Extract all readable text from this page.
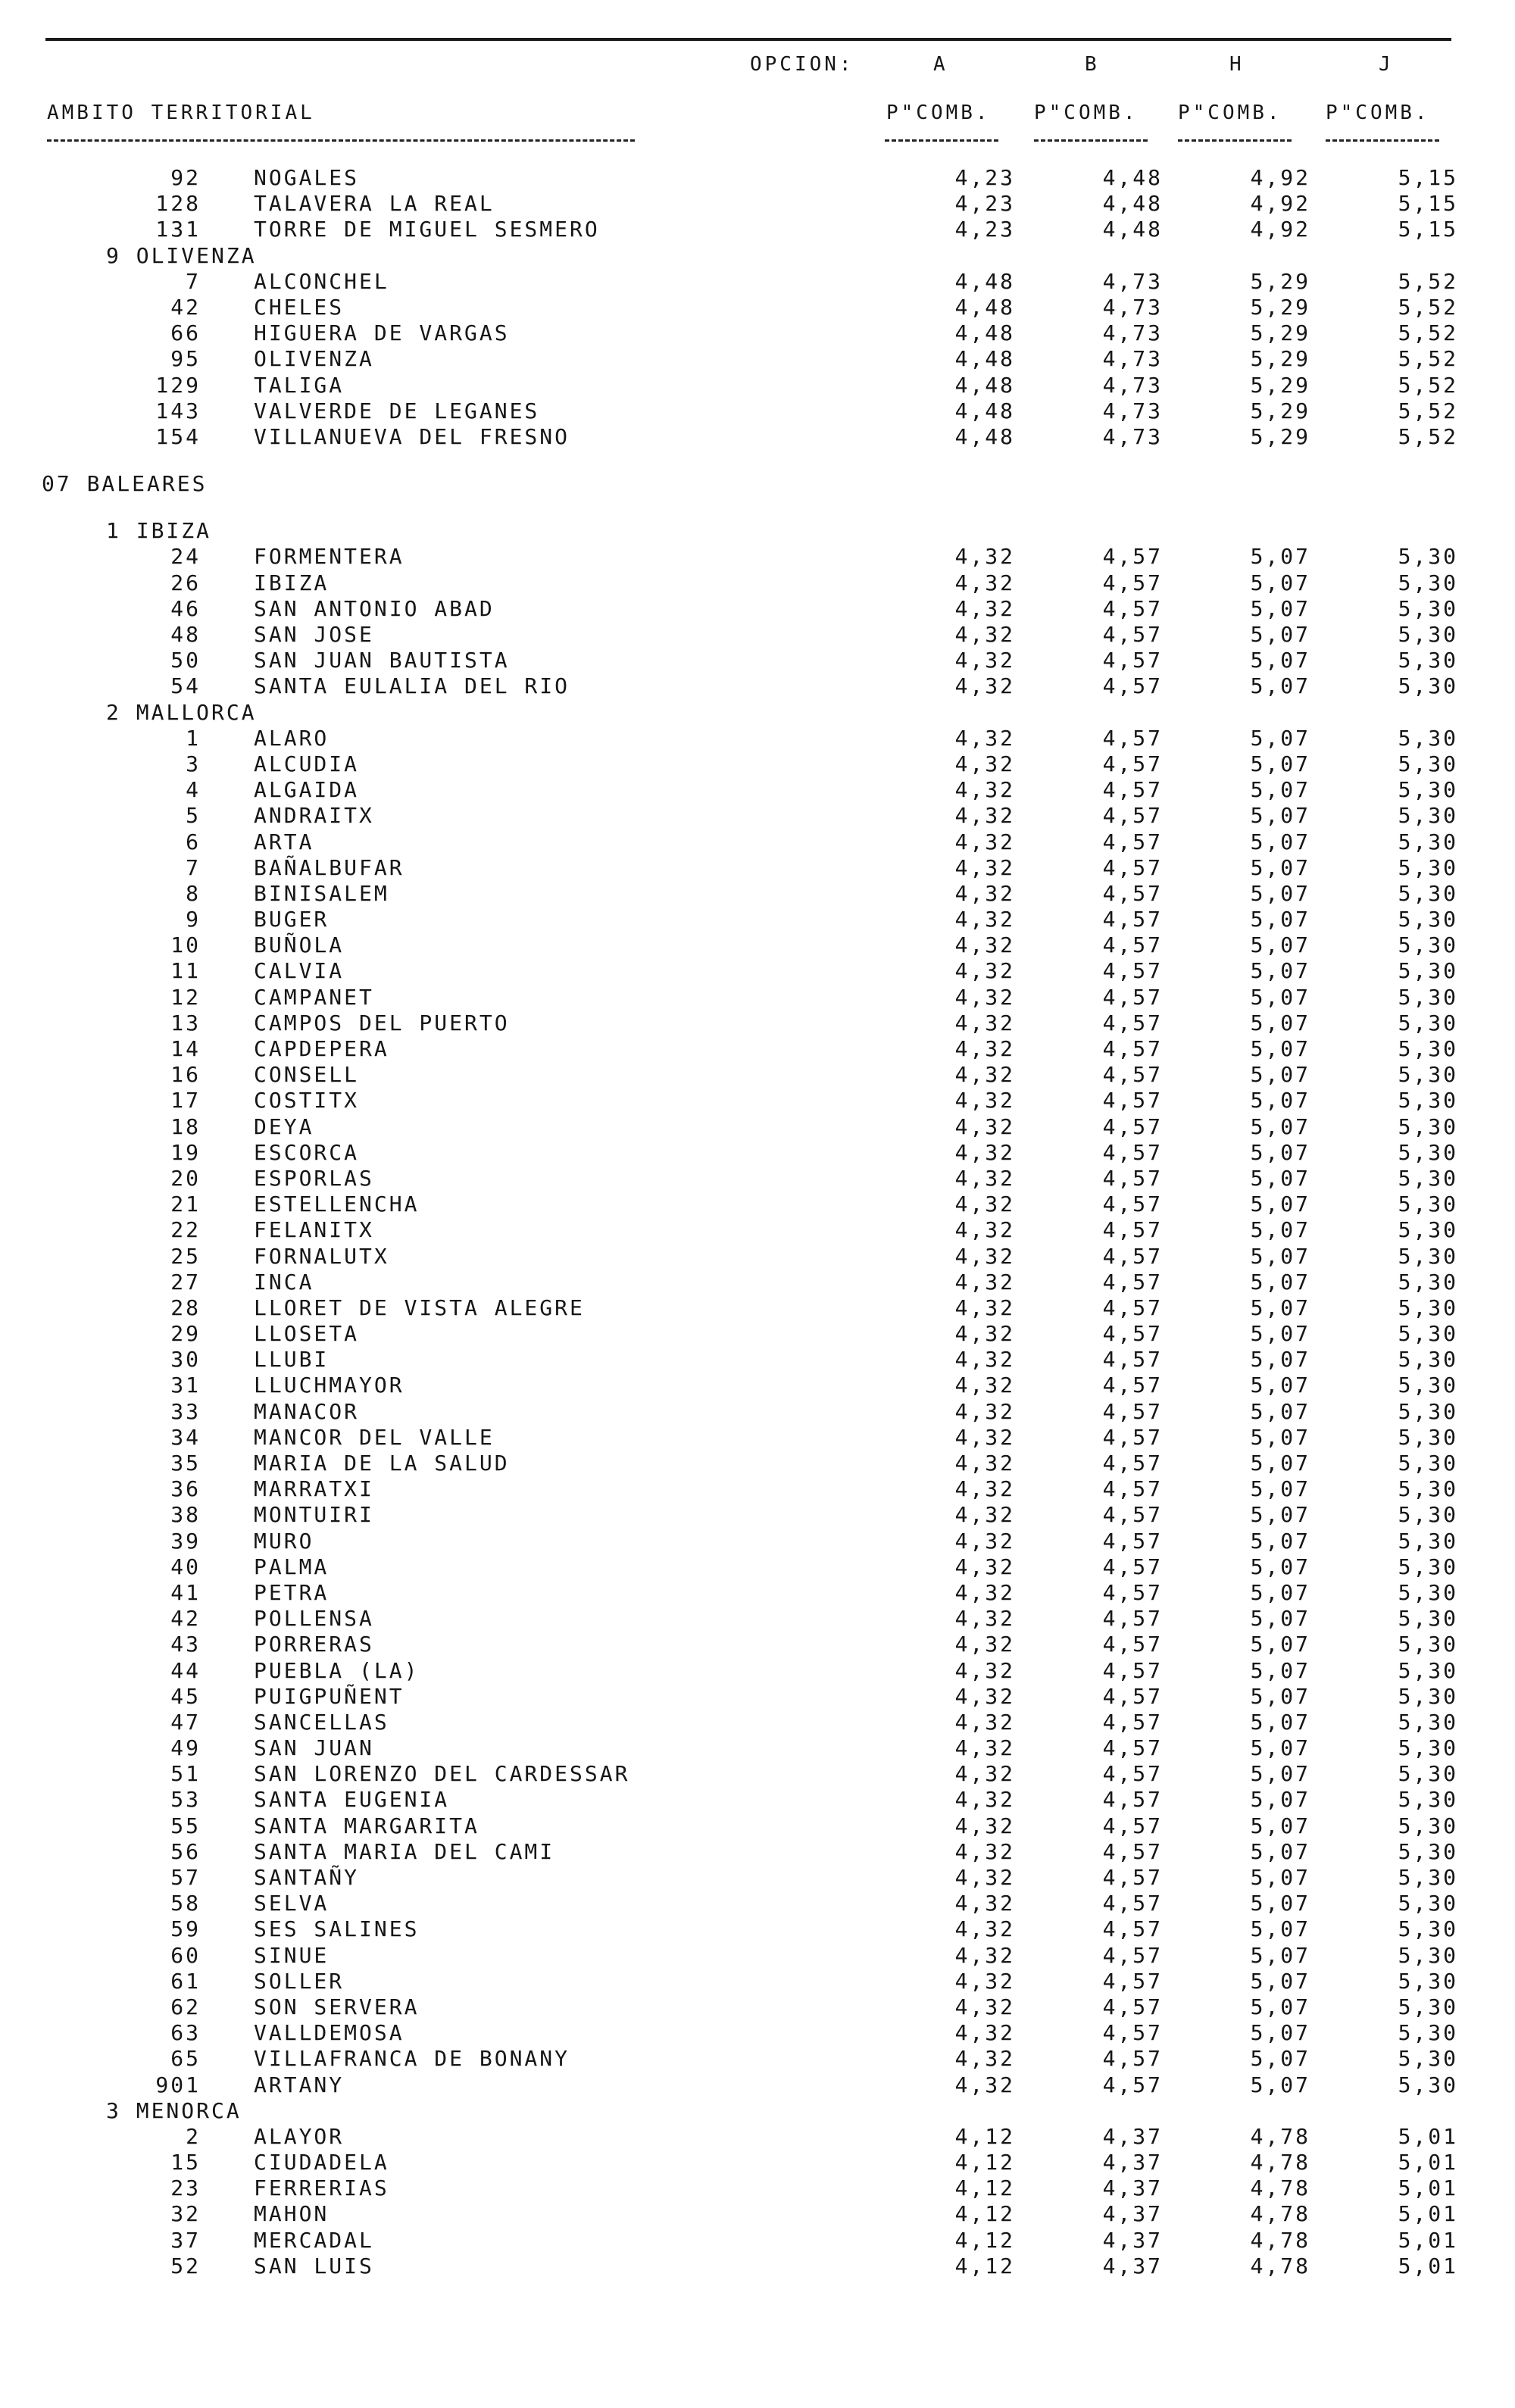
OPCION:	A	B	H	J
AMBITO TERRITORIAL	P"COMB. P"COMB. P"COMB. P"COMB.
92	NOGALES	4,23	4,48	4,92	5,15
128	TALAVERA LA REAL	4,23	4,48	4,92	5,15
131	TORRE DE MIGUEL SESMERO	4,23	4,48	4,92	5,15
9 OLIVENZA
7	ALCONCHEL	4,48	4,73	5,29	5,52
42	CHELES	4,48	4,73	5,29	5,52
66	HIGUERA DE VARGAS	4,48	4,73	5,29	5,52
95	OLIVENZA	4,48	4,73	5,29	5,52
129	TALIGA	4,48	4,73	5,29	5,52
143	VALVERDE DE LEGANES	4,48	4,73	5,29	5,52
154	VILLANUEVA DEL FRESNO	4,48	4,73	5,29	5,52
07 BALEARES
1 IBIZA
24	FORMENTERA	4,32	4,57	5,07	5,30
26	IBIZA	4,32	4,57	5,07	5,30
46	SAN ANTONIO ABAD	4,32	4,57	5,07	5,30
48	SAN JOSE	4,32	4,57	5,07	5,30
50	SAN JUAN BAUTISTA	4,32	4,57	5,07	5,30
54	SANTA EULALIA DEL RIO	4,32	4,57	5,07	5,30
2 MALLORCA
1	ALARO	4,32	4,57	5,07	5,30
3	ALCUDIA	4,32	4,57	5,07	5,30
4	ALGAIDA	4,32	4,57	5,07	5,30
5	ANDRAITX	4,32	4,57	5,07	5,30
6	ARTA	4,32	4,57	5,07	5,30
7	BAÑALBUFAR	4,32	4,57	5,07	5,30
8	BINISALEM	4,32	4,57	5,07	5,30
9	BUGER	4,32	4,57	5,07	5,30
10	BUÑOLA	4,32	4,57	5,07	5,30
11	CALVIA	4,32	4,57	5,07	5,30
12	CAMPANET	4,32	4,57	5,07	5,30
13	CAMPOS DEL PUERTO	4,32	4,57	5,07	5,30
14	CAPDEPERA	4,32	4,57	5,07	5,30
16	CONSELL	4,32	4,57	5,07	5,30
17	COSTITX	4,32	4,57	5,07	5,30
18	DEYA	4,32	4,57	5,07	5,30
19	ESCORCA	4,32	4,57	5,07	5,30
20	ESPORLAS	4,32	4,57	5,07	5,30
21	ESTELLENCHA	4,32	4,57	5,07	5,30
22	FELANITX	4,32	4,57	5,07	5,30
25	FORNALUTX	4,32	4,57	5,07	5,30
27	INCA	4,32	4,57	5,07	5,30
28	LLORET DE VISTA ALEGRE	4,32	4,57	5,07	5,30
29	LLOSETA	4,32	4,57	5,07	5,30
30	LLUBI	4,32	4,57	5,07	5,30
31	LLUCHMAYOR	4,32	4,57	5,07	5,30
33	MANACOR	4,32	4,57	5,07	5,30
34	MANCOR DEL VALLE	4,32	4,57	5,07	5,30
35	MARIA DE LA SALUD	4,32	4,57	5,07	5,30
36	MARRATXI	4,32	4,57	5,07	5,30
38	MONTUIRI	4,32	4,57	5,07	5,30
39	MURO	4,32	4,57	5,07	5,30
40	PALMA	4,32	4,57	5,07	5,30
41	PETRA	4,32	4,57	5,07	5,30
42	POLLENSA	4,32	4,57	5,07	5,30
43	PORRERAS	4,32	4,57	5,07	5,30
44	PUEBLA (LA)	4,32	4,57	5,07	5,30
45	PUIGPUÑENT	4,32	4,57	5,07	5,30
47	SANCELLAS	4,32	4,57	5,07	5,30
49	SAN JUAN	4,32	4,57	5,07	5,30
51	SAN LORENZO DEL CARDESSAR	4,32	4,57	5,07	5,30
53	SANTA EUGENIA	4,32	4,57	5,07	5,30
55	SANTA MARGARITA	4,32	4,57	5,07	5,30
56	SANTA MARIA DEL CAMI	4,32	4,57	5,07	5,30
57	SANTAÑY	4,32	4,57	5,07	5,30
58	SELVA	4,32	4,57	5,07	5,30
59	SES SALINES	4,32	4,57	5,07	5,30
60	SINUE	4,32	4,57	5,07	5,30
61	SOLLER	4,32	4,57	5,07	5,30
62	SON SERVERA	4,32	4,57	5,07	5,30
63	VALLDEMOSA	4,32	4,57	5,07	5,30
65	VILLAFRANCA DE BONANY	4,32	4,57	5,07	5,30
901	ARTANY	4,32	4,57	5,07	5,30
3 MENORCA
2	ALAYOR	4,12	4,37	4,78	5,01
15	CIUDADELA	4,12	4,37	4,78	5,01
23	FERRERIAS	4,12	4,37	4,78	5,01
32	MAHON	4,12	4,37	4,78	5,01
37	MERCADAL	4,12	4,37	4,78	5,01
52	SAN LUIS	4,12	4,37	4,78	5,01
